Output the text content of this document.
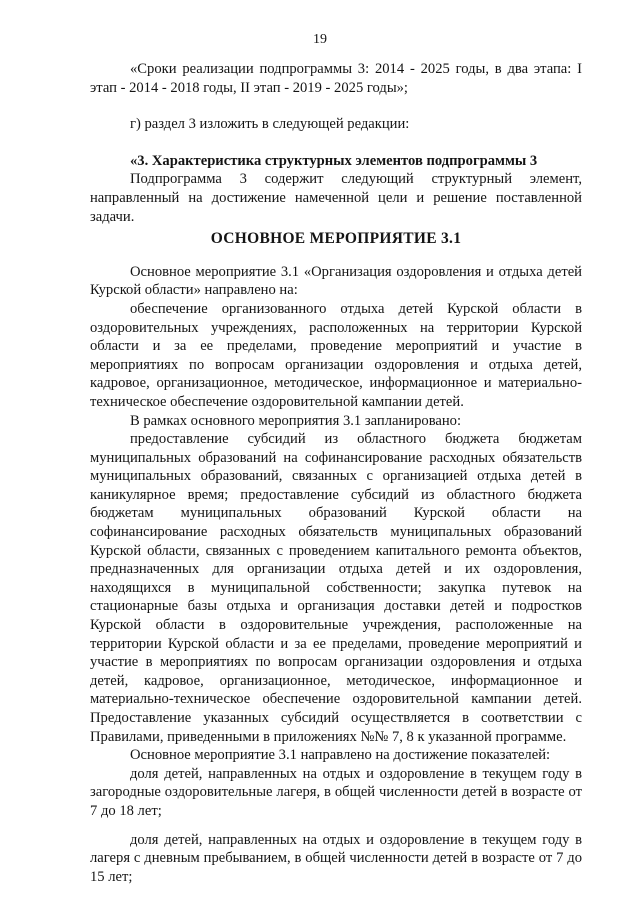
19

«Сроки реализации подпрограммы 3: 2014 - 2025 годы, в два этапа: I этап - 2014 - 2018 годы, II этап - 2019 - 2025 годы»;

г) раздел 3 изложить в следующей редакции:

«3. Характеристика структурных элементов подпрограммы 3

Подпрограмма 3 содержит следующий структурный элемент, направленный на достижение намеченной цели и решение поставленной задачи.

ОСНОВНОЕ МЕРОПРИЯТИЕ 3.1

Основное мероприятие 3.1 «Организация оздоровления и отдыха детей Курской области» направлено на:

обеспечение организованного отдыха детей Курской области в оздоровительных учреждениях, расположенных на территории Курской области и за ее пределами, проведение мероприятий и участие в мероприятиях по вопросам организации оздоровления и отдыха детей, кадровое, организационное, методическое, информационное и материально-техническое обеспечение оздоровительной кампании детей.

В рамках основного мероприятия 3.1 запланировано:

предоставление субсидий из областного бюджета бюджетам муниципальных образований на софинансирование расходных обязательств муниципальных образований, связанных с организацией отдыха детей в каникулярное время; предоставление субсидий из областного бюджета бюджетам муниципальных образований Курской области на софинансирование расходных обязательств муниципальных образований Курской области, связанных с проведением капитального ремонта объектов, предназначенных для организации отдыха детей и их оздоровления, находящихся в муниципальной собственности; закупка путевок на стационарные базы отдыха и организация доставки детей и подростков Курской области в оздоровительные учреждения, расположенные на территории Курской области и за ее пределами, проведение мероприятий и участие в мероприятиях по вопросам организации оздоровления и отдыха детей, кадровое, организационное, методическое, информационное и материально-техническое обеспечение оздоровительной кампании детей. Предоставление указанных субсидий осуществляется в соответствии с Правилами, приведенными в приложениях №№ 7, 8 к указанной программе.

Основное мероприятие 3.1 направлено на достижение показателей:

доля детей, направленных на отдых и оздоровление в текущем году в загородные оздоровительные лагеря, в общей численности детей в возрасте от 7 до 18 лет;

доля детей, направленных на отдых и оздоровление в текущем году в лагеря с дневным пребыванием, в общей численности детей в возрасте от 7 до 15 лет;
